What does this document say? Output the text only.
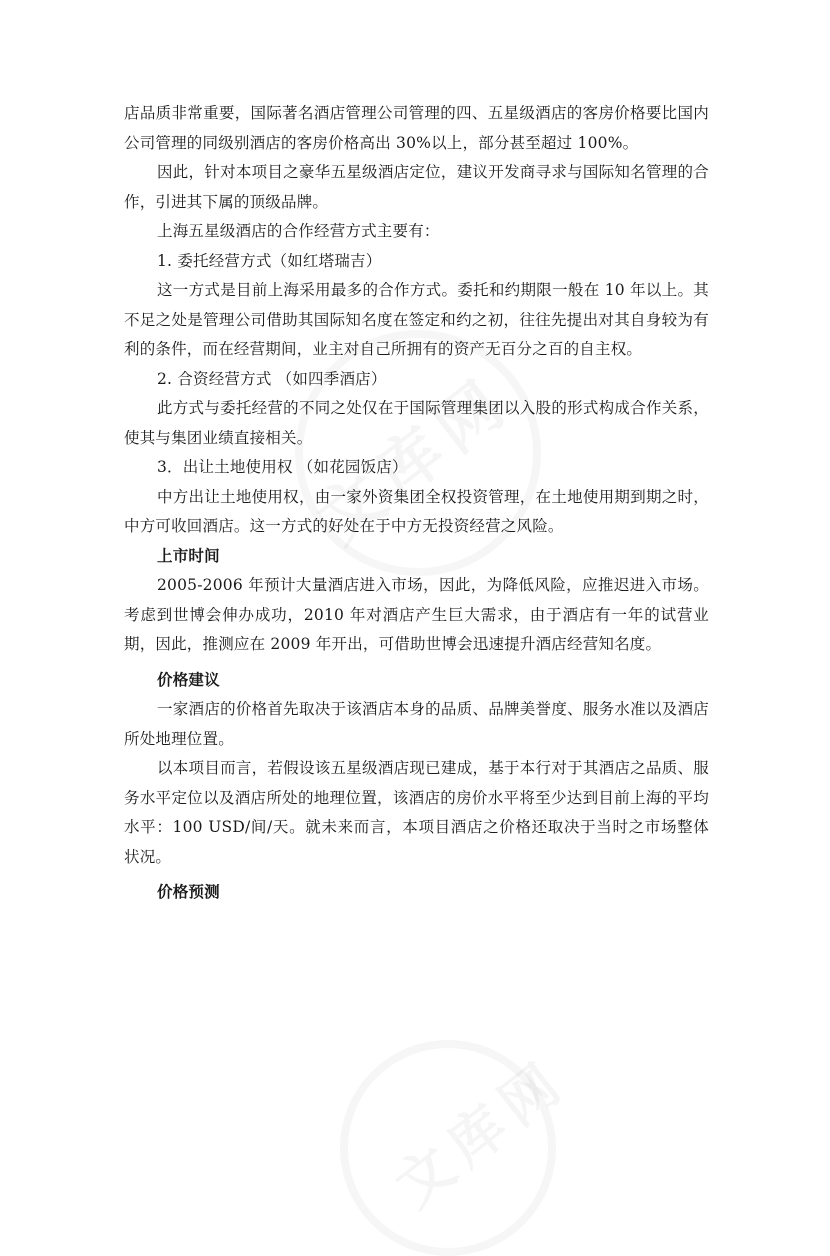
店品质非常重要，国际著名酒店管理公司管理的四、五星级酒店的客房价格要比国内公司管理的同级别酒店的客房价格高出 30%以上，部分甚至超过 100%。

因此，针对本项目之豪华五星级酒店定位，建议开发商寻求与国际知名管理的合作，引进其下属的顶级品牌。

上海五星级酒店的合作经营方式主要有：

1. 委托经营方式（如红塔瑞吉）

这一方式是目前上海采用最多的合作方式。委托和约期限一般在 10 年以上。其不足之处是管理公司借助其国际知名度在签定和约之初，往往先提出对其自身较为有利的条件，而在经营期间，业主对自己所拥有的资产无百分之百的自主权。

2. 合资经营方式 （如四季酒店）

此方式与委托经营的不同之处仅在于国际管理集团以入股的形式构成合作关系，使其与集团业绩直接相关。

3．出让土地使用权 （如花园饭店）

中方出让土地使用权，由一家外资集团全权投资管理，在土地使用期到期之时，中方可收回酒店。这一方式的好处在于中方无投资经营之风险。

上市时间

2005-2006 年预计大量酒店进入市场，因此，为降低风险，应推迟进入市场。考虑到世博会伸办成功，2010 年对酒店产生巨大需求，由于酒店有一年的试营业期，因此，推测应在 2009 年开出，可借助世博会迅速提升酒店经营知名度。

价格建议

一家酒店的价格首先取决于该酒店本身的品质、品牌美誉度、服务水准以及酒店所处地理位置。

以本项目而言，若假设该五星级酒店现已建成，基于本行对于其酒店之品质、服务水平定位以及酒店所处的地理位置，该酒店的房价水平将至少达到目前上海的平均水平：100 USD/间/天。就未来而言，本项目酒店之价格还取决于当时之市场整体状况。

价格预测
